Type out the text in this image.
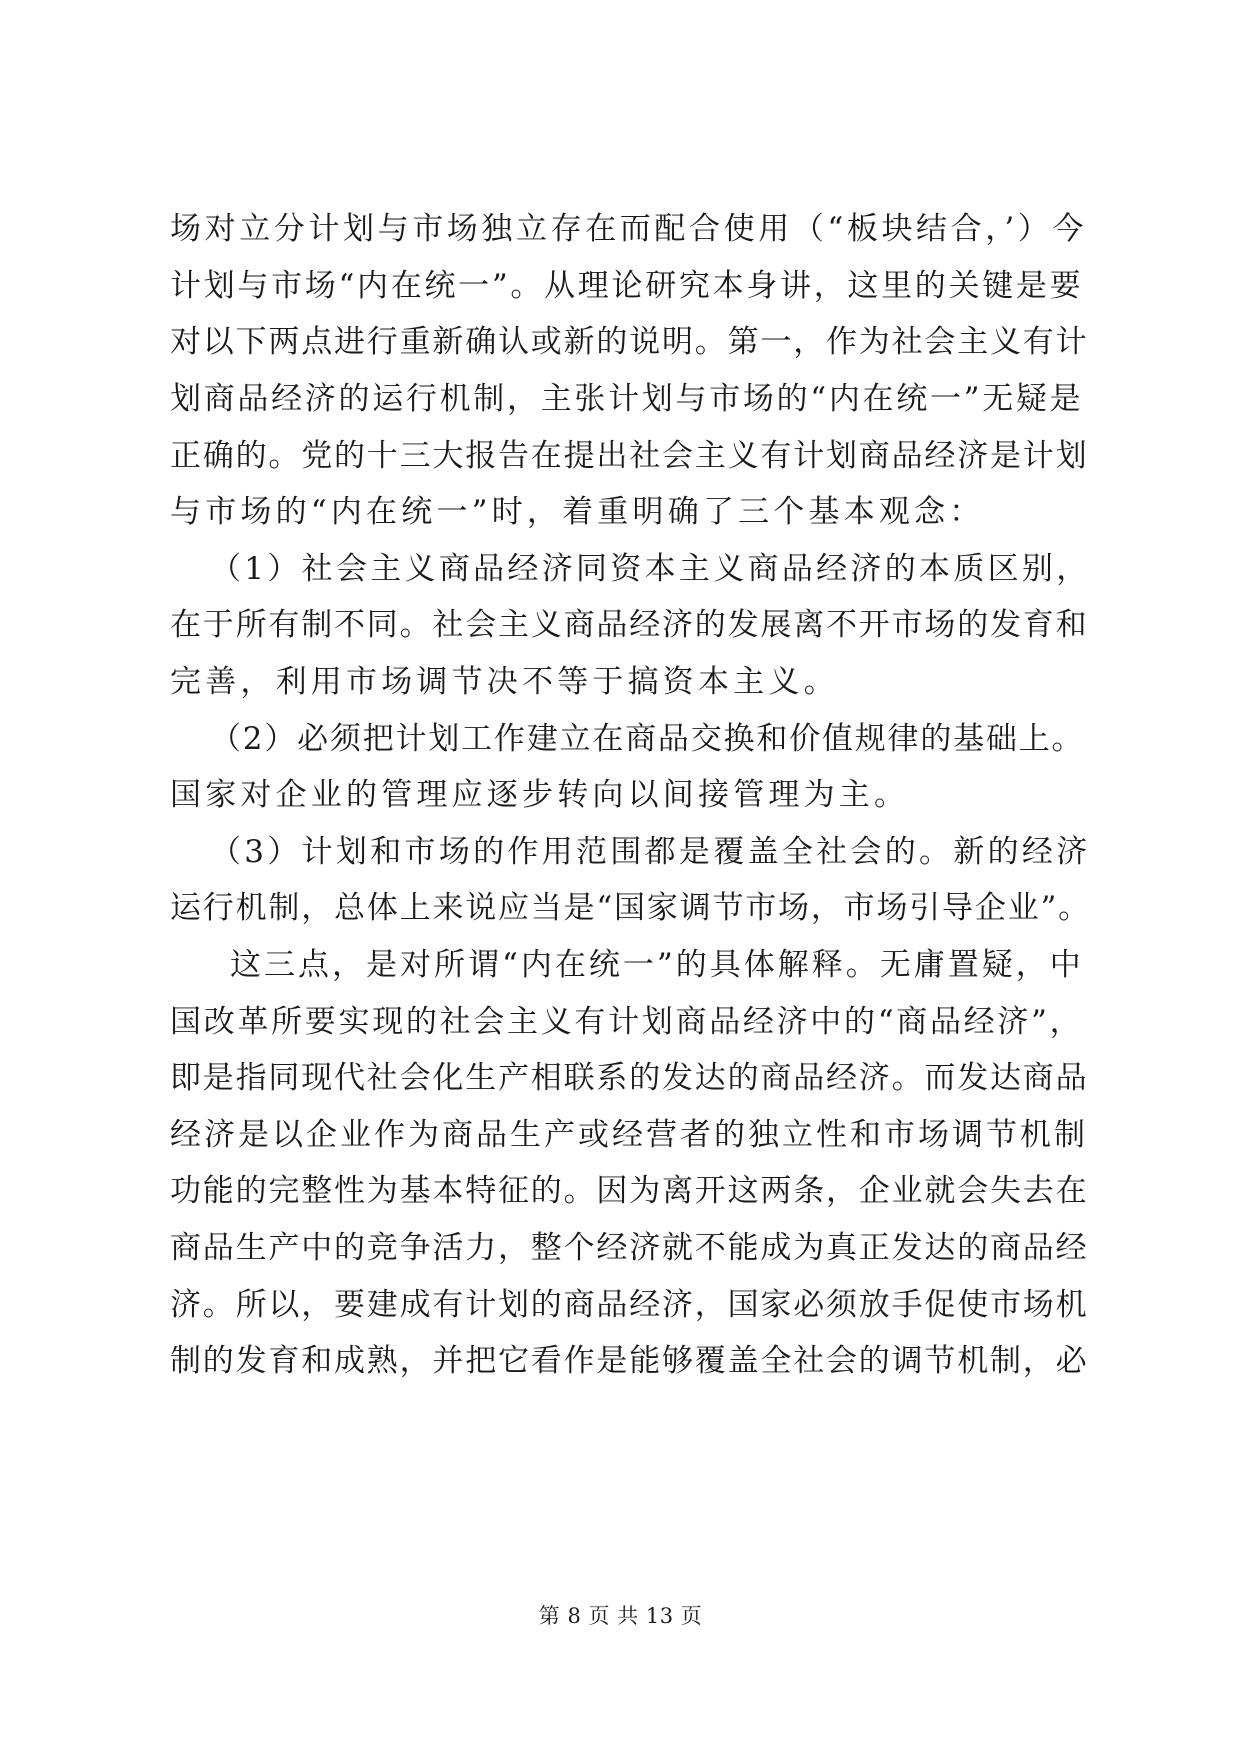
场对立分计划与市场独立存在而配合使用（“板块结合，’）今
计划与市场“内在统一”。从理论研究本身讲，这里的关键是要
对以下两点进行重新确认或新的说明。第一，作为社会主义有计
划商品经济的运行机制，主张计划与市场的“内在统一”无疑是
正确的。党的十三大报告在提出社会主义有计划商品经济是计划
与市场的“内在统一”时，着重明确了三个基本观念：
（1）社会主义商品经济同资本主义商品经济的本质区别，
在于所有制不同。社会主义商品经济的发展离不开市场的发育和
完善，利用市场调节决不等于搞资本主义。
（2）必须把计划工作建立在商品交换和价值规律的基础上。
国家对企业的管理应逐步转向以间接管理为主。
（3）计划和市场的作用范围都是覆盖全社会的。新的经济
运行机制，总体上来说应当是“国家调节市场，市场引导企业”。
这三点，是对所谓“内在统一”的具体解释。无庸置疑，中
国改革所要实现的社会主义有计划商品经济中的“商品经济”，
即是指同现代社会化生产相联系的发达的商品经济。而发达商品
经济是以企业作为商品生产或经营者的独立性和市场调节机制
功能的完整性为基本特征的。因为离开这两条，企业就会失去在
商品生产中的竞争活力，整个经济就不能成为真正发达的商品经
济。所以，要建成有计划的商品经济，国家必须放手促使市场机
制的发育和成熟，并把它看作是能够覆盖全社会的调节机制，必
第 8 页 共 13 页
